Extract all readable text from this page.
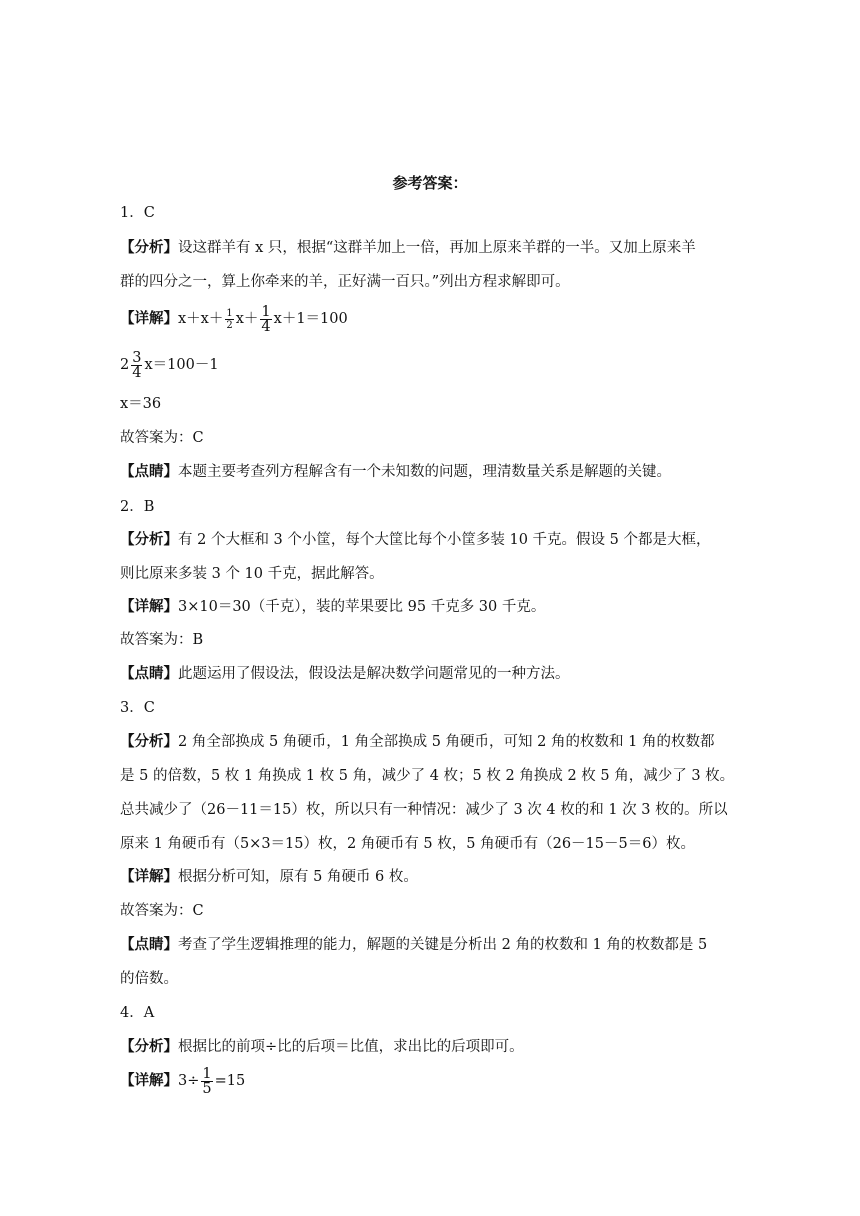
参考答案：
1．C
【分析】设这群羊有 x 只，根据“这群羊加上一倍，再加上原来羊群的一半。又加上原来羊
群的四分之一，算上你牵来的羊，正好满一百只。”列出方程求解即可。
【详解】$x+x+ \frac{1}{2} x+ \frac{1}{4} x+1=100$
$2 \frac{3}{4} x=100-1$
x＝36
故答案为：C
【点睛】本题主要考查列方程解含有一个未知数的问题，理清数量关系是解题的关键。
2．B
【分析】有 2 个大框和 3 个小筐，每个大筐比每个小筐多装 10 千克。假设 5 个都是大框，
则比原来多装 3 个 10 千克，据此解答。
【详解】3×10＝30（千克），装的苹果要比 95 千克多 30 千克。
故答案为：B
【点睛】此题运用了假设法，假设法是解决数学问题常见的一种方法。
3．C
【分析】2 角全部换成 5 角硬币，1 角全部换成 5 角硬币，可知 2 角的枚数和 1 角的枚数都
是 5 的倍数，5 枚 1 角换成 1 枚 5 角，减少了 4 枚；5 枚 2 角换成 2 枚 5 角，减少了 3 枚。
总共减少了（26－11＝15）枚，所以只有一种情况：减少了 3 次 4 枚的和 1 次 3 枚的。所以
原来 1 角硬币有（5×3＝15）枚，2 角硬币有 5 枚，5 角硬币有（26－15－5＝6）枚。
【详解】根据分析可知，原有 5 角硬币 6 枚。
故答案为：C
【点睛】考查了学生逻辑推理的能力，解题的关键是分析出 2 角的枚数和 1 角的枚数都是 5
的倍数。
4．A
【分析】根据比的前项÷比的后项＝比值，求出比的后项即可。
【详解】$3\div \frac{1}{5} =15$
